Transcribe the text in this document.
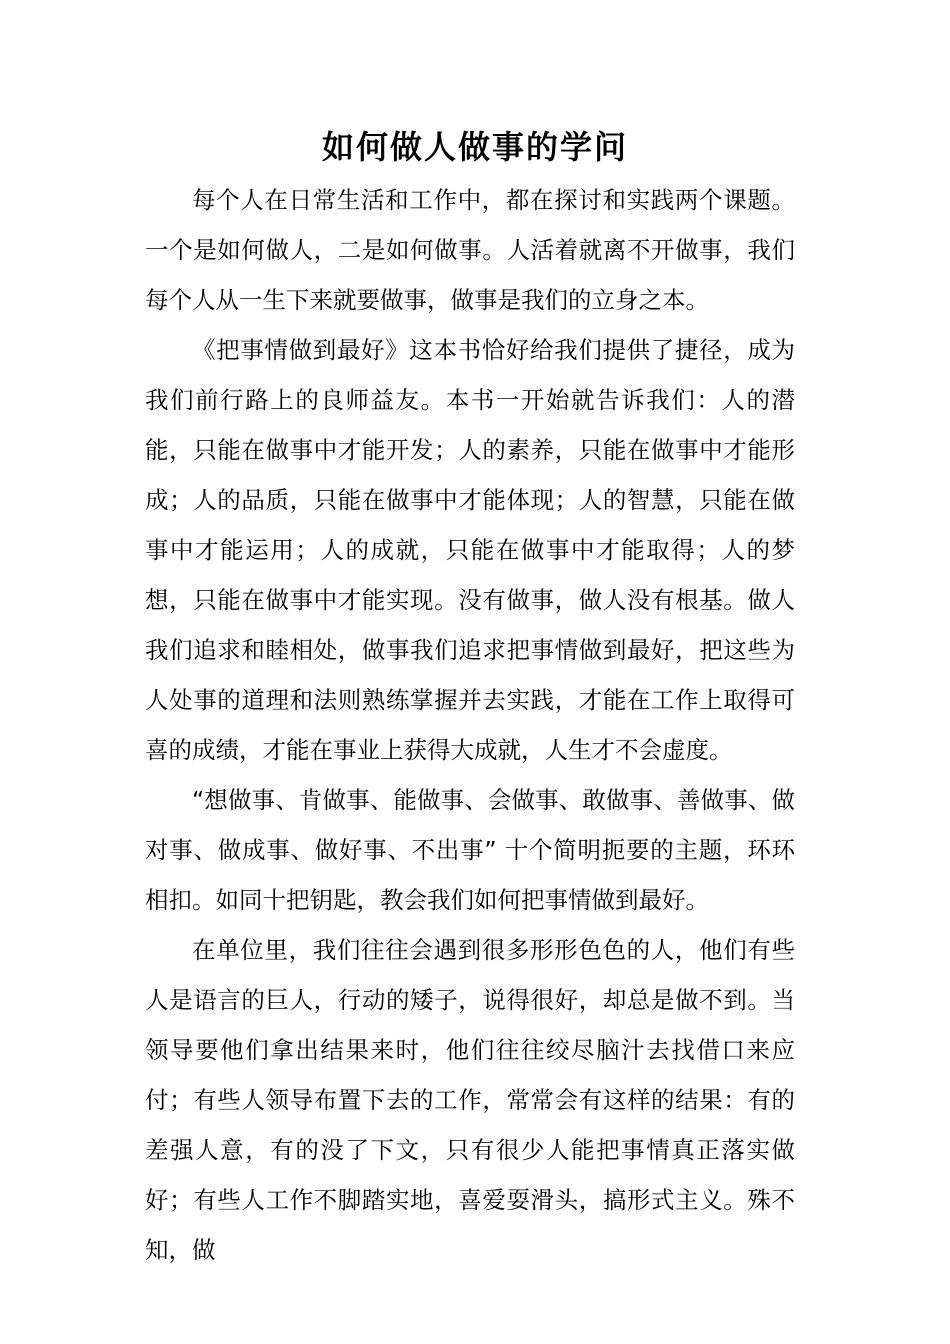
如何做人做事的学问

每个人在日常生活和工作中，都在探讨和实践两个课题。一个是如何做人，二是如何做事。人活着就离不开做事，我们每个人从一生下来就要做事，做事是我们的立身之本。

《把事情做到最好》这本书恰好给我们提供了捷径，成为我们前行路上的良师益友。本书一开始就告诉我们：人的潜能，只能在做事中才能开发；人的素养，只能在做事中才能形成；人的品质，只能在做事中才能体现；人的智慧，只能在做事中才能运用；人的成就，只能在做事中才能取得；人的梦想，只能在做事中才能实现。没有做事，做人没有根基。做人我们追求和睦相处，做事我们追求把事情做到最好，把这些为人处事的道理和法则熟练掌握并去实践，才能在工作上取得可喜的成绩，才能在事业上获得大成就，人生才不会虚度。

“想做事、肯做事、能做事、会做事、敢做事、善做事、做对事、做成事、做好事、不出事” 十个简明扼要的主题，环环相扣。如同十把钥匙，教会我们如何把事情做到最好。

在单位里，我们往往会遇到很多形形色色的人，他们有些人是语言的巨人，行动的矮子，说得很好，却总是做不到。当领导要他们拿出结果来时，他们往往绞尽脑汁去找借口来应付；有些人领导布置下去的工作，常常会有这样的结果：有的差强人意，有的没了下文，只有很少人能把事情真正落实做好；有些人工作不脚踏实地，喜爱耍滑头，搞形式主义。殊不知，做
